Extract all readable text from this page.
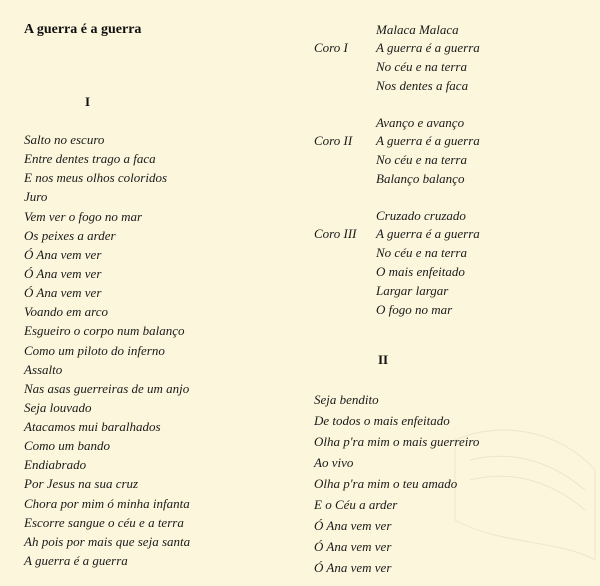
A guerra é a guerra
I
Salto no escuro
Entre dentes trago a faca
E nos meus olhos coloridos
Juro
Vem ver o fogo no mar
Os peixes a arder
Ó Ana vem ver
Ó Ana vem ver
Ó Ana vem ver
Voando em arco
Esgueiro o corpo num balanço
Como um piloto do inferno
Assalto
Nas asas guerreiras de um anjo
Seja louvado
Atacamos mui baralhados
Como um bando
Endiabrado
Por Jesus na sua cruz
Chora por mim ó minha infanta
Escorre sangue o céu e a terra
Ah pois por mais que seja santa
A guerra é a guerra
Malaca Malaca
Coro I A guerra é a guerra
No céu e na terra
Nos dentes a faca
Avanço e avanço
Coro II A guerra é a guerra
No céu e na terra
Balanço balanço
Cruzado cruzado
Coro III A guerra é a guerra
No céu e na terra
O mais enfeitado
Largar largar
O fogo no mar
II
Seja bendito
De todos o mais enfeitado
Olha p'ra mim o mais guerreiro
Ao vivo
Olha p'ra mim o teu amado
E o Céu a arder
Ó Ana vem ver
Ó Ana vem ver
Ó Ana vem ver
